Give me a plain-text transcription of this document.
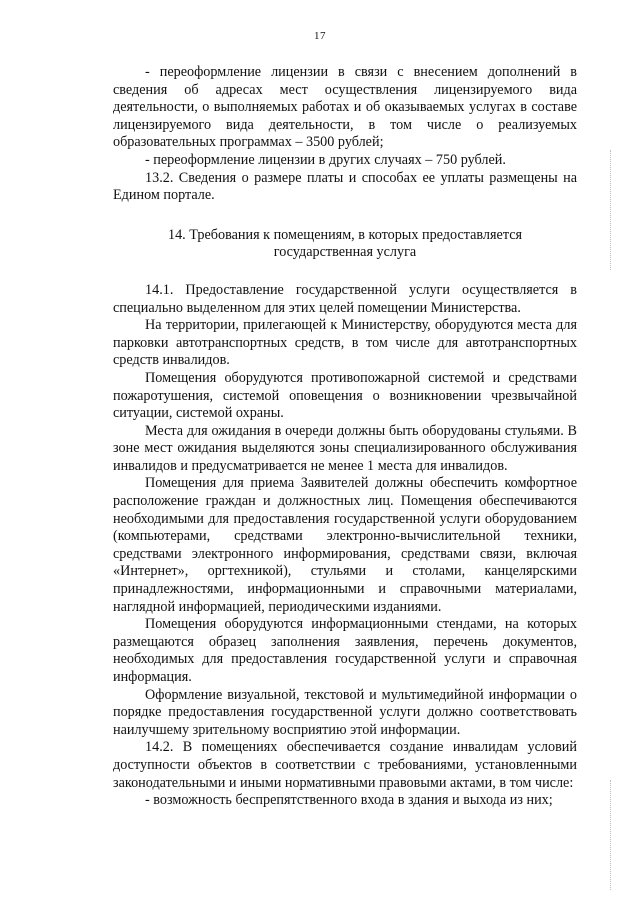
17

- переоформление лицензии в связи с внесением дополнений в сведения об адресах мест осуществления лицензируемого вида деятельности, о выполняемых работах и об оказываемых услугах в составе лицензируемого вида деятельности, в том числе о реализуемых образовательных программах – 3500 рублей;

- переоформление лицензии в других случаях – 750 рублей.

13.2. Сведения о размере платы и способах ее уплаты размещены на Едином портале.

14. Требования к помещениям, в которых предоставляется
государственная услуга

14.1. Предоставление государственной услуги осуществляется в специально выделенном для этих целей помещении Министерства.

На территории, прилегающей к Министерству, оборудуются места для парковки автотранспортных средств, в том числе для автотранспортных средств инвалидов.

Помещения оборудуются противопожарной системой и средствами пожаротушения, системой оповещения о возникновении чрезвычайной ситуации, системой охраны.

Места для ожидания в очереди должны быть оборудованы стульями. В зоне мест ожидания выделяются зоны специализированного обслуживания инвалидов и предусматривается не менее 1 места для инвалидов.

Помещения для приема Заявителей должны обеспечить комфортное расположение граждан и должностных лиц. Помещения обеспечиваются необходимыми для предоставления государственной услуги оборудованием (компьютерами, средствами электронно-вычислительной техники, средствами электронного информирования, средствами связи, включая «Интернет», оргтехникой), стульями и столами, канцелярскими принадлежностями, информационными и справочными материалами, наглядной информацией, периодическими изданиями.

Помещения оборудуются информационными стендами, на которых размещаются образец заполнения заявления, перечень документов, необходимых для предоставления государственной услуги и справочная информация.

Оформление визуальной, текстовой и мультимедийной информации о порядке предоставления государственной услуги должно соответствовать наилучшему зрительному восприятию этой информации.

14.2. В помещениях обеспечивается создание инвалидам условий доступности объектов в соответствии с требованиями, установленными законодательными и иными нормативными правовыми актами, в том числе:

- возможность беспрепятственного входа в здания и выхода из них;
